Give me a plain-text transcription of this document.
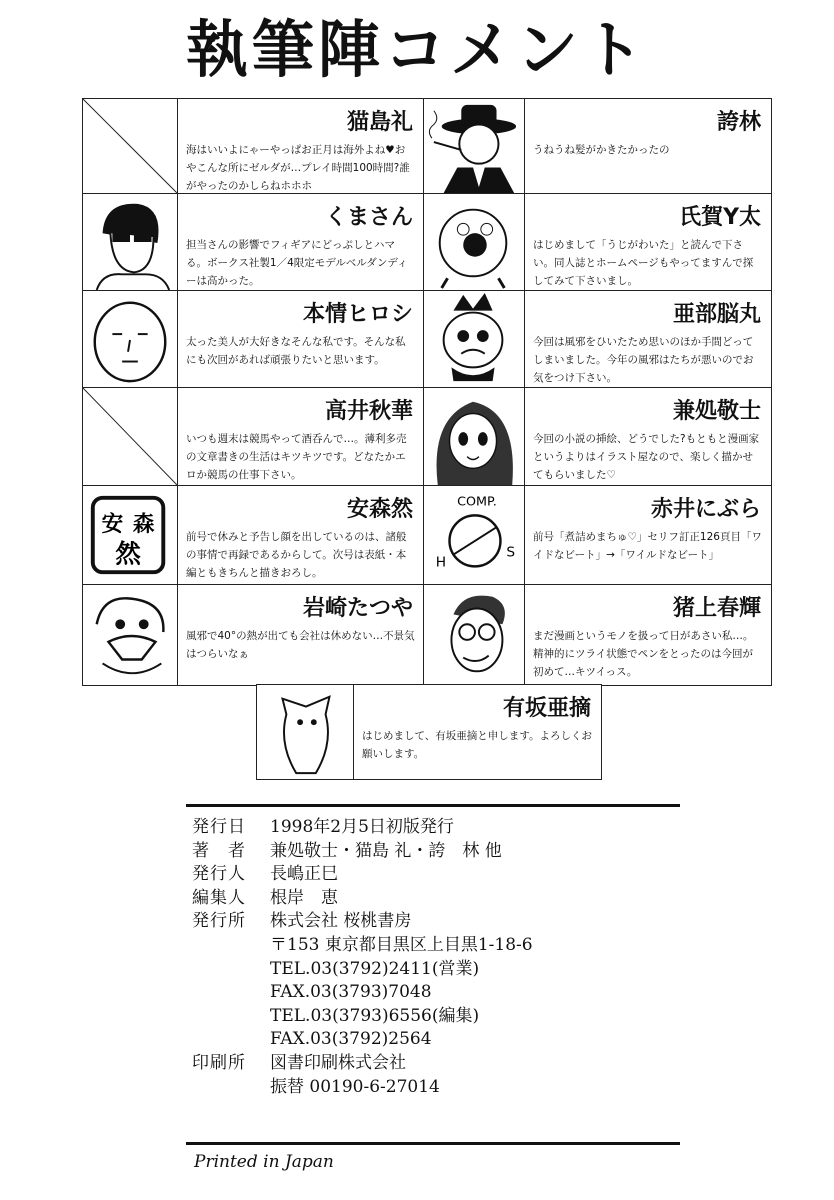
執筆陣コメント
猫島礼
海はいいよにゃーやっぱお正月は海外よね♥おやこんな所にゼルダが…プレイ時間100時間?誰がやったのかしらねホホホ
誇林
うねうね髪がかきたかったの
くまさん
担当さんの影響でフィギアにどっぷしとハマる。ボークス社製1／4限定モデルベルダンディーは高かった。
氏賀Y太
はじめまして「うじがわいた」と読んで下さい。同人誌とホームページもやってますんで探してみて下さいまし。
本情ヒロシ
太った美人が大好きなそんな私です。そんな私にも次回があれば頑張りたいと思います。
亜部脳丸
今回は風邪をひいたため思いのほか手間どってしまいました。今年の風邪はたちが悪いのでお気をつけ下さい。
高井秋華
いつも週末は競馬やって酒呑んで…。薄利多売の文章書きの生活はキツキツです。どなたかエロか競馬の仕事下さい。
兼処敬士
今回の小説の挿絵、どうでした?もともと漫画家というよりはイラスト屋なので、楽しく描かせてもらいました♡
安 森
然
安森然
前号で休みと予告し顔を出しているのは、諸般の事情で再録であるからして。次号は表紙・本編ともきちんと描きおろし。
COMP.
H
S
赤井にぶら
前号「煮詰めまちゅ♡」セリフ訂正126頁目「ワイドなビート」→「ワイルドなビート」
岩崎たつや
風邪で40°の熱が出ても会社は休めない…不景気はつらいなぁ
猪上春輝
まだ漫画というモノを扱って日があさい私…。精神的にツライ状態でペンをとったのは今回が初めて…キツイっス。
有坂亜摘
はじめまして、有坂亜摘と申します。よろしくお願いします。
発行日	1998年2月5日初版発行
著　者	兼処敬士・猫島 礼・誇　林 他
発行人	長嶋正巳
編集人	根岸　恵
発行所	株式会社 桜桃書房
〒153 東京都目黒区上目黒1-18-6
TEL.03(3792)2411(営業)
FAX.03(3793)7048
TEL.03(3793)6556(編集)
FAX.03(3792)2564
印刷所	図書印刷株式会社
振替 00190-6-27014
Printed in Japan
